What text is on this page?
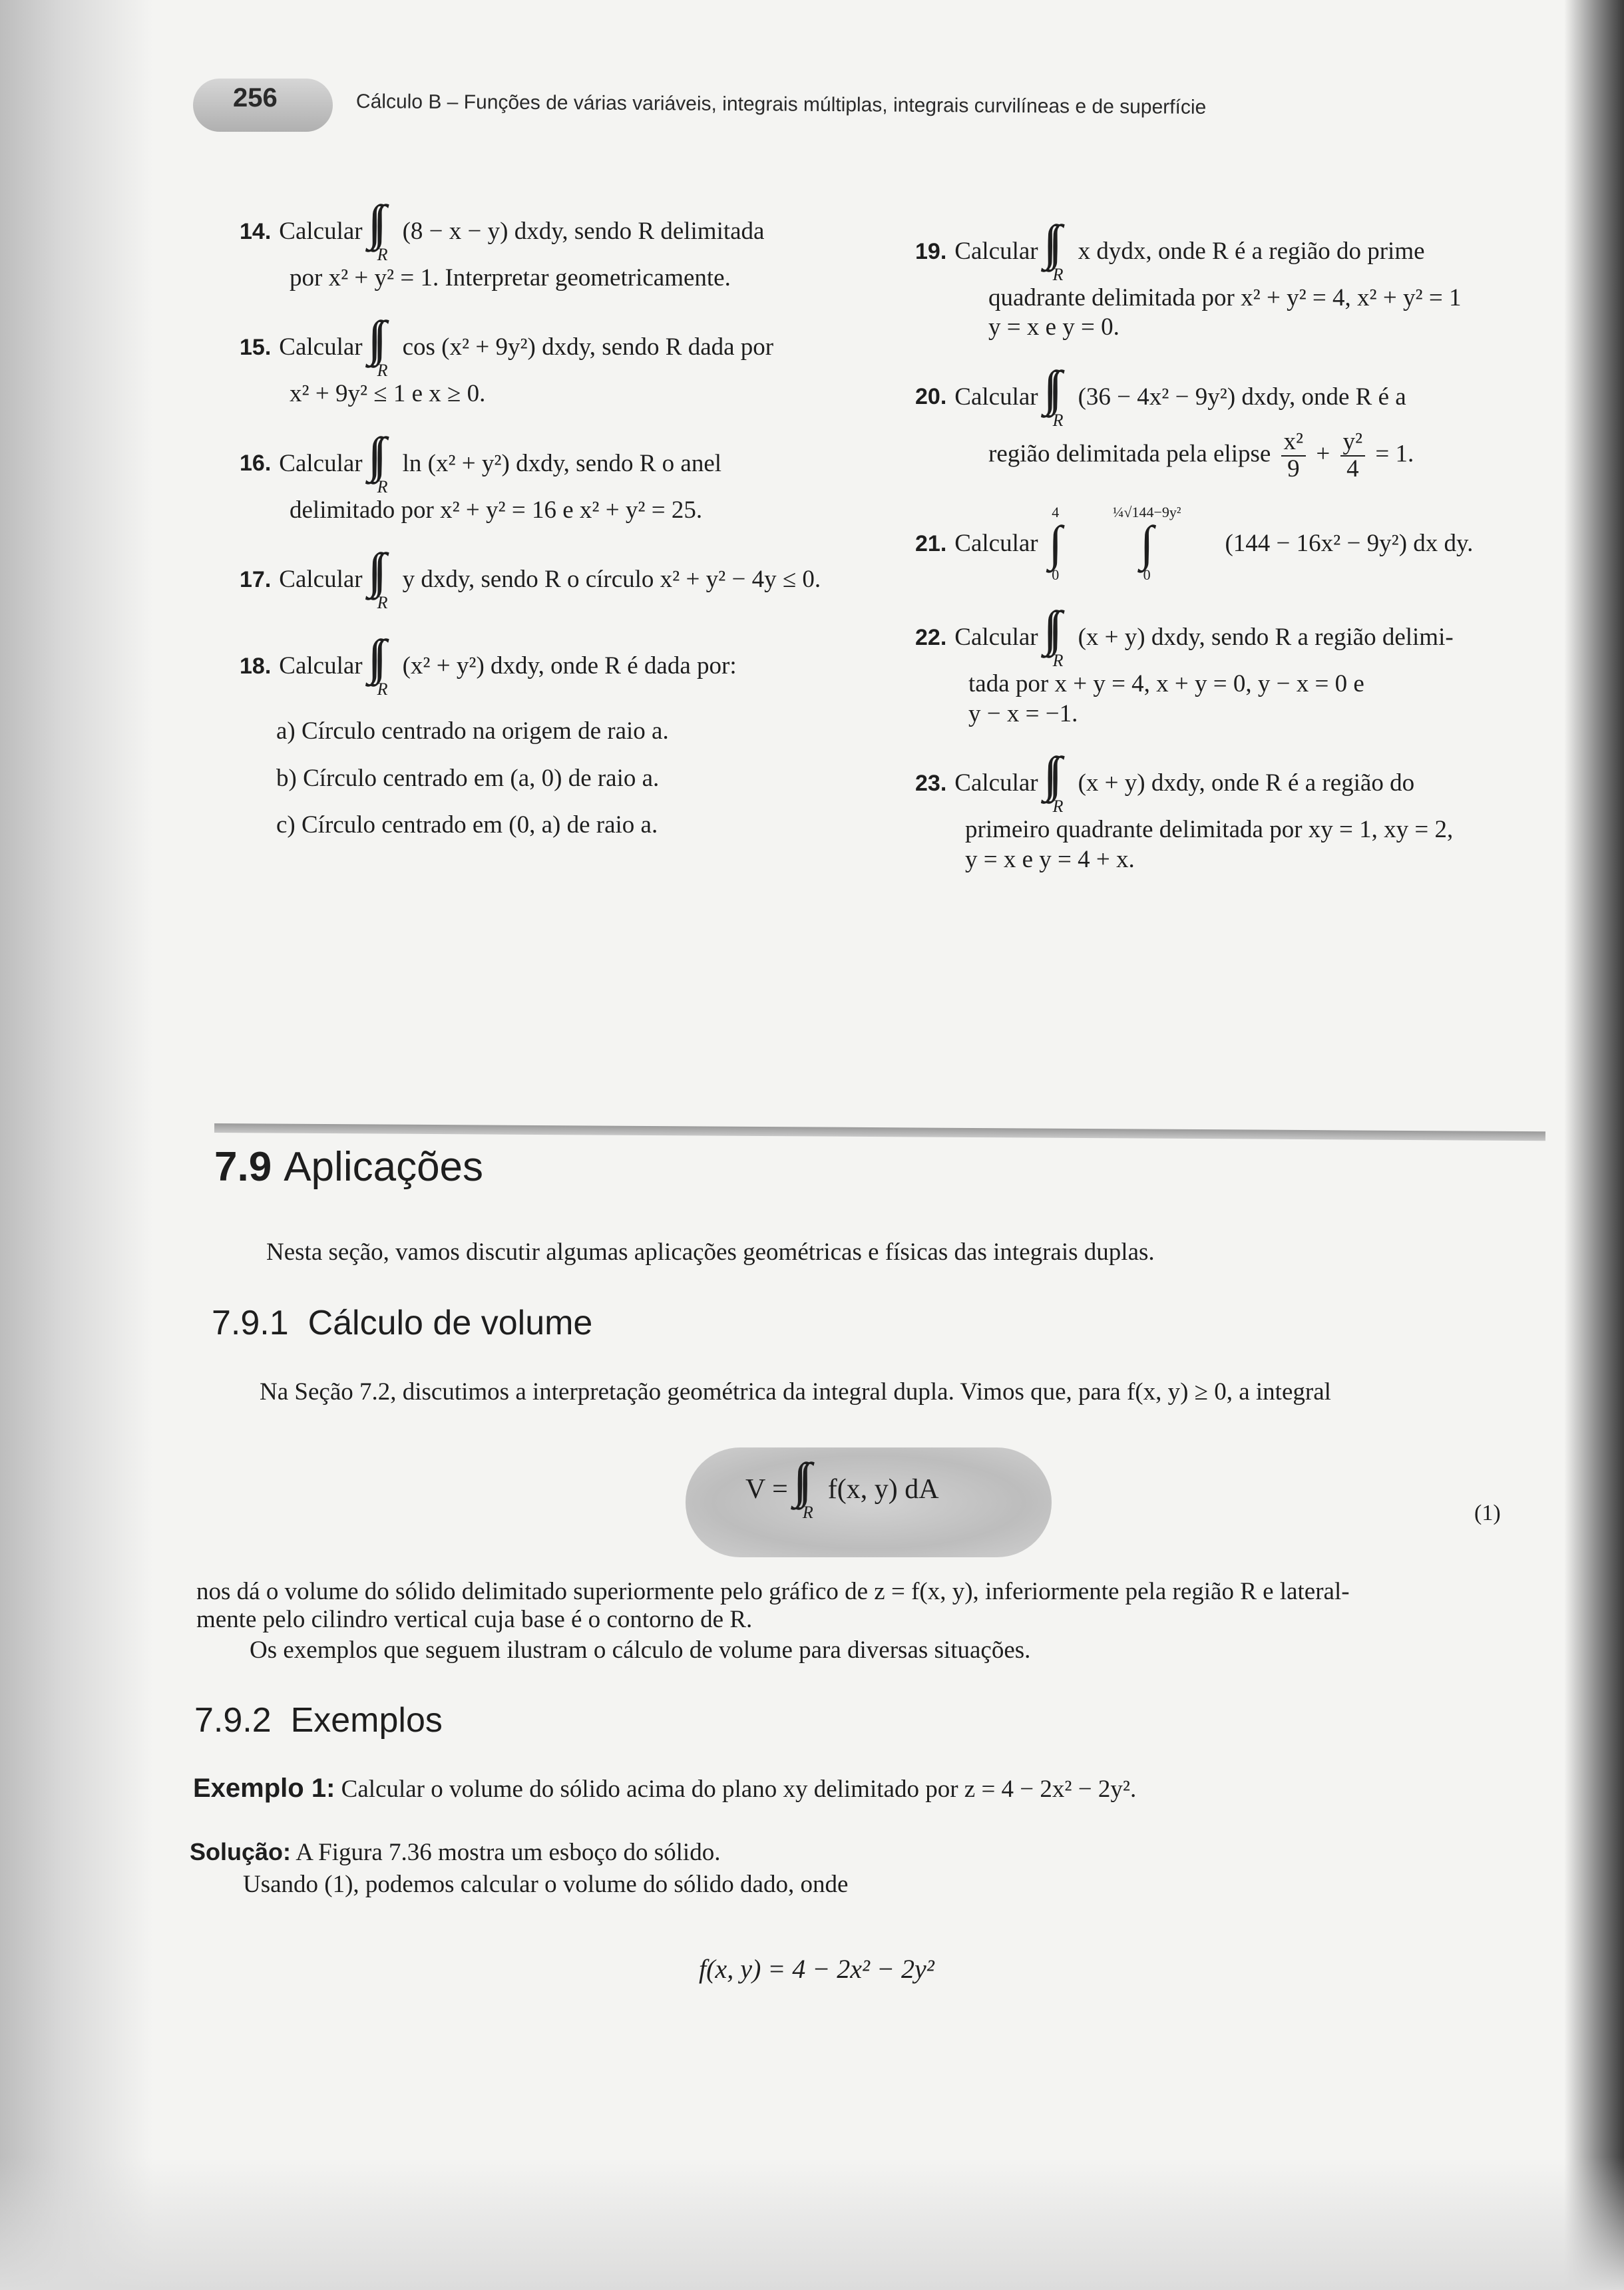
256	Cálculo B – Funções de várias variáveis, integrais múltiplas, integrais curvilíneas e de superfície
14. Calcular
R
(8 − x − y) dxdy, sendo R delimitada
por x² + y² = 1. Interpretar geometricamente.
15. Calcular
R
cos (x² + 9y²) dxdy, sendo R dada por
x² + 9y² ≤ 1 e x ≥ 0.
16. Calcular
R
ln (x² + y²) dxdy, sendo R o anel
delimitado por x² + y² = 16 e x² + y² = 25.
17. Calcular
R
y dxdy, sendo R o círculo x² + y² − 4y ≤ 0.
18. Calcular
R
(x² + y²) dxdy, onde R é dada por:
a) Círculo centrado na origem de raio a.
b) Círculo centrado em (a, 0) de raio a.
c) Círculo centrado em (0, a) de raio a.
19. Calcular
R
x dydx, onde R é a região do prime
quadrante delimitada por x² + y² = 4, x² + y² = 1
y = x e y = 0.
20. Calcular
R
(36 − 4x² − 9y²) dxdy, onde R é a
região delimitada pela elipse $\frac{\text{x²}}{9} + \frac{\text{y²}}{4} = 1$.
21. Calcular
4
∫
0
¼√144−9y²
∫
0
(144 − 16x² − 9y²) dx dy.
22. Calcular
R
(x + y) dxdy, sendo R a região delimi-
tada por x + y = 4, x + y = 0, y − x = 0 e
y − x = −1.
23. Calcular
R
(x + y) dxdy, onde R é a região do
primeiro quadrante delimitada por xy = 1, xy = 2,
y = x e y = 4 + x.
7.9 Aplicações
Nesta seção, vamos discutir algumas aplicações geométricas e físicas das integrais duplas.
7.9.1 Cálculo de volume
Na Seção 7.2, discutimos a interpretação geométrica da integral dupla. Vimos que, para f(x, y) ≥ 0, a integral
V =
R
f(x, y) dA
(1)
nos dá o volume do sólido delimitado superiormente pelo gráfico de z = f(x, y), inferiormente pela região R e lateral-
mente pelo cilindro vertical cuja base é o contorno de R.
Os exemplos que seguem ilustram o cálculo de volume para diversas situações.
7.9.2 Exemplos
Exemplo 1: Calcular o volume do sólido acima do plano xy delimitado por z = 4 − 2x² − 2y².
Solução: A Figura 7.36 mostra um esboço do sólido.
Usando (1), podemos calcular o volume do sólido dado, onde
f(x, y) = 4 − 2x² − 2y²
